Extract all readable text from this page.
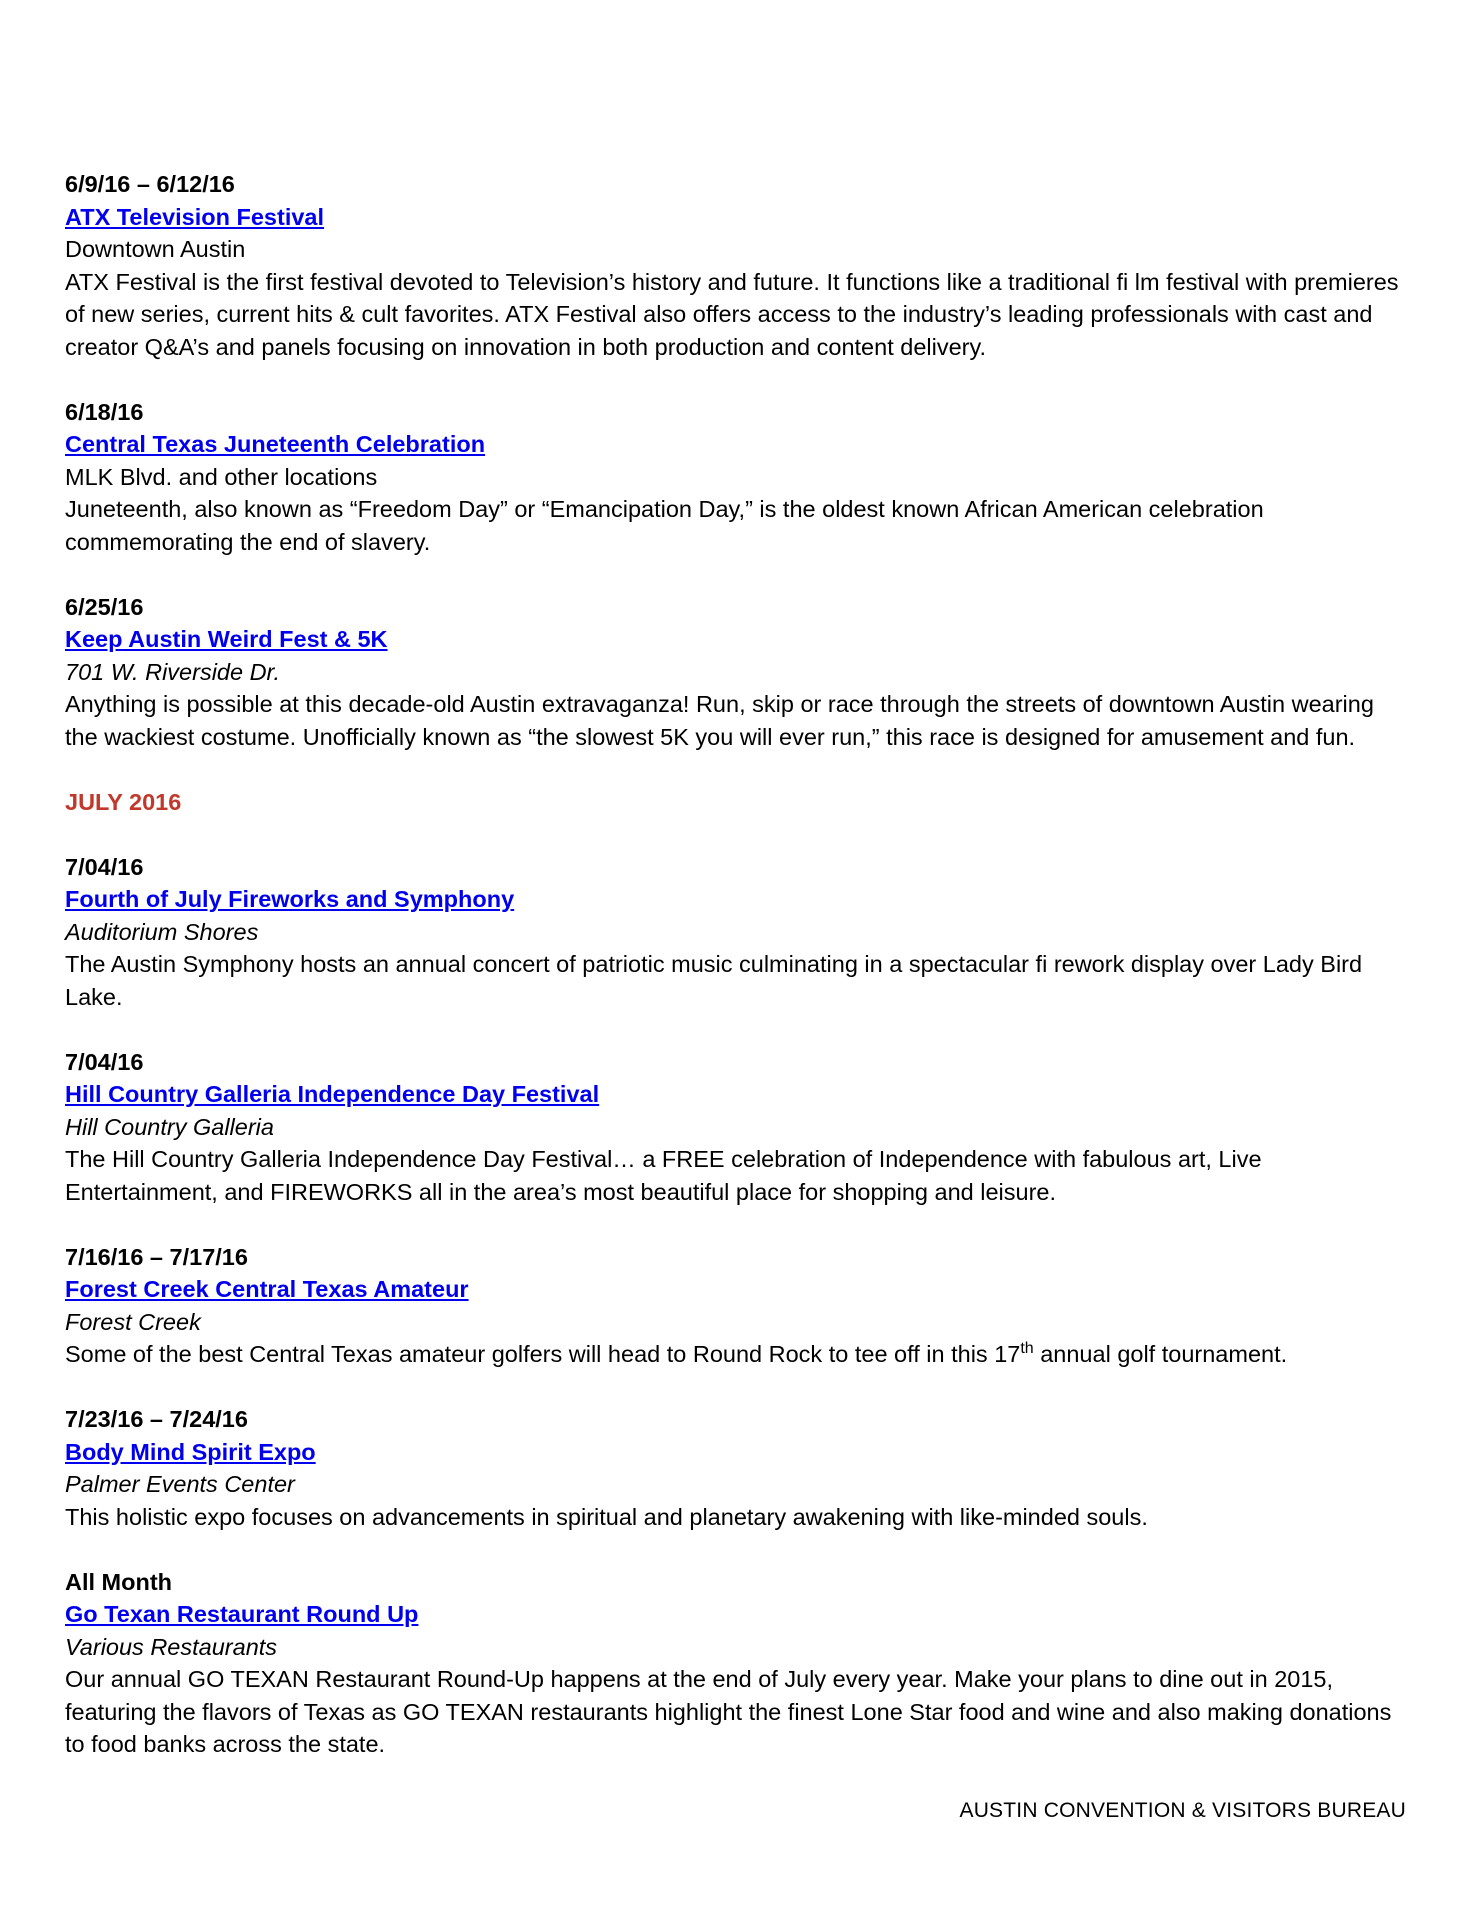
6/9/16 – 6/12/16
ATX Television Festival
Downtown Austin
ATX Festival is the first festival devoted to Television’s history and future. It functions like a traditional fi lm festival with premieres of new series, current hits & cult favorites. ATX Festival also offers access to the industry’s leading professionals with cast and creator Q&A’s and panels focusing on innovation in both production and content delivery.
6/18/16
Central Texas Juneteenth Celebration
MLK Blvd. and other locations
Juneteenth, also known as “Freedom Day” or “Emancipation Day,” is the oldest known African American celebration commemorating the end of slavery.
6/25/16
Keep Austin Weird Fest & 5K
701 W. Riverside Dr.
Anything is possible at this decade-old Austin extravaganza! Run, skip or race through the streets of downtown Austin wearing the wackiest costume. Unofficially known as “the slowest 5K you will ever run,” this race is designed for amusement and fun.
JULY 2016
7/04/16
Fourth of July Fireworks and Symphony
Auditorium Shores
The Austin Symphony hosts an annual concert of patriotic music culminating in a spectacular fi rework display over Lady Bird Lake.
7/04/16
Hill Country Galleria Independence Day Festival
Hill Country Galleria
The Hill Country Galleria Independence Day Festival… a FREE celebration of Independence with fabulous art, Live Entertainment, and FIREWORKS all in the area’s most beautiful place for shopping and leisure.
7/16/16 – 7/17/16
Forest Creek Central Texas Amateur
Forest Creek
Some of the best Central Texas amateur golfers will head to Round Rock to tee off in this 17th annual golf tournament.
7/23/16 – 7/24/16
Body Mind Spirit Expo
Palmer Events Center
This holistic expo focuses on advancements in spiritual and planetary awakening with like-minded souls.
All Month
Go Texan Restaurant Round Up
Various Restaurants
Our annual GO TEXAN Restaurant Round-Up happens at the end of July every year. Make your plans to dine out in 2015, featuring the flavors of Texas as GO TEXAN restaurants highlight the finest Lone Star food and wine and also making donations to food banks across the state.
AUSTIN CONVENTION & VISITORS BUREAU
